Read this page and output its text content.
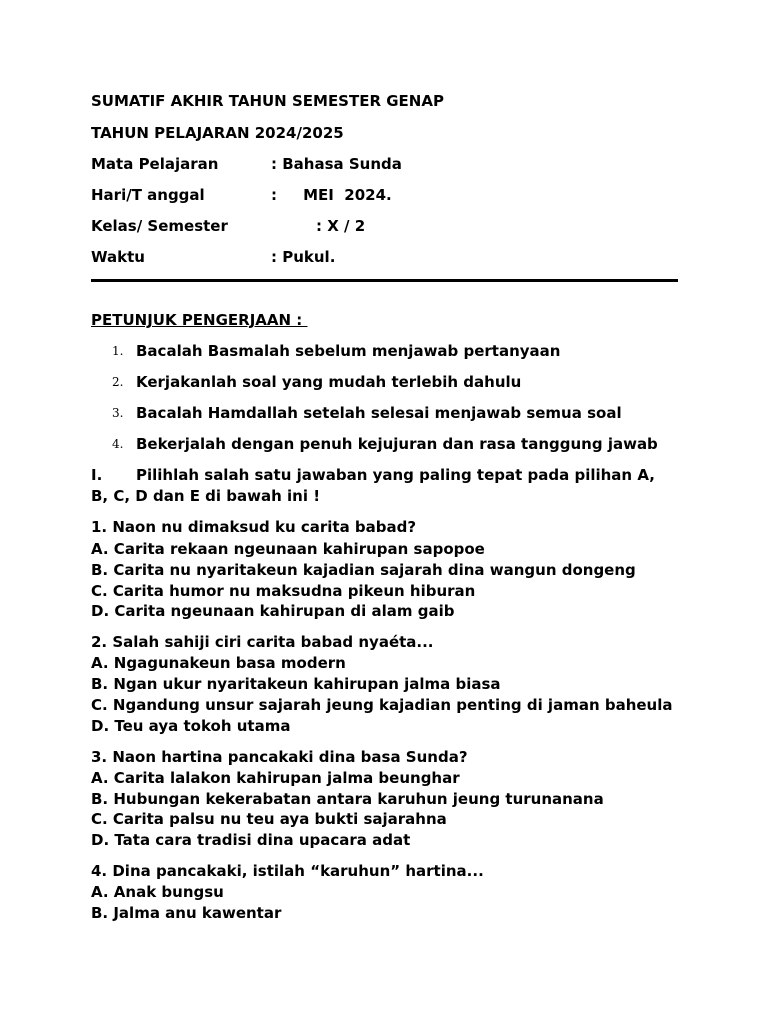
SUMATIF AKHIR TAHUN SEMESTER GENAP
TAHUN PELAJARAN 2024/2025
Mata Pelajaran	: Bahasa Sunda
Hari/T anggal	:     MEI  2024.
Kelas/ Semester	: X / 2
Waktu	: Pukul.
PETUNJUK PENGERJAAN :
1. Bacalah Basmalah sebelum menjawab pertanyaan
2. Kerjakanlah soal yang mudah terlebih dahulu
3. Bacalah Hamdallah setelah selesai menjawab semua soal
4. Bekerjalah dengan penuh kejujuran dan rasa tanggung jawab
I. Pilihlah salah satu jawaban yang paling tepat pada pilihan A,
B, C, D dan E di bawah ini !
1. Naon nu dimaksud ku carita babad?
A. Carita rekaan ngeunaan kahirupan sapopoe
B. Carita nu nyaritakeun kajadian sajarah dina wangun dongeng
C. Carita humor nu maksudna pikeun hiburan
D. Carita ngeunaan kahirupan di alam gaib
2. Salah sahiji ciri carita babad nyaéta...
A. Ngagunakeun basa modern
B. Ngan ukur nyaritakeun kahirupan jalma biasa
C. Ngandung unsur sajarah jeung kajadian penting di jaman baheula
D. Teu aya tokoh utama
3. Naon hartina pancakaki dina basa Sunda?
A. Carita lalakon kahirupan jalma beunghar
B. Hubungan kekerabatan antara karuhun jeung turunanana
C. Carita palsu nu teu aya bukti sajarahna
D. Tata cara tradisi dina upacara adat
4. Dina pancakaki, istilah “karuhun” hartina...
A. Anak bungsu
B. Jalma anu kawentar
